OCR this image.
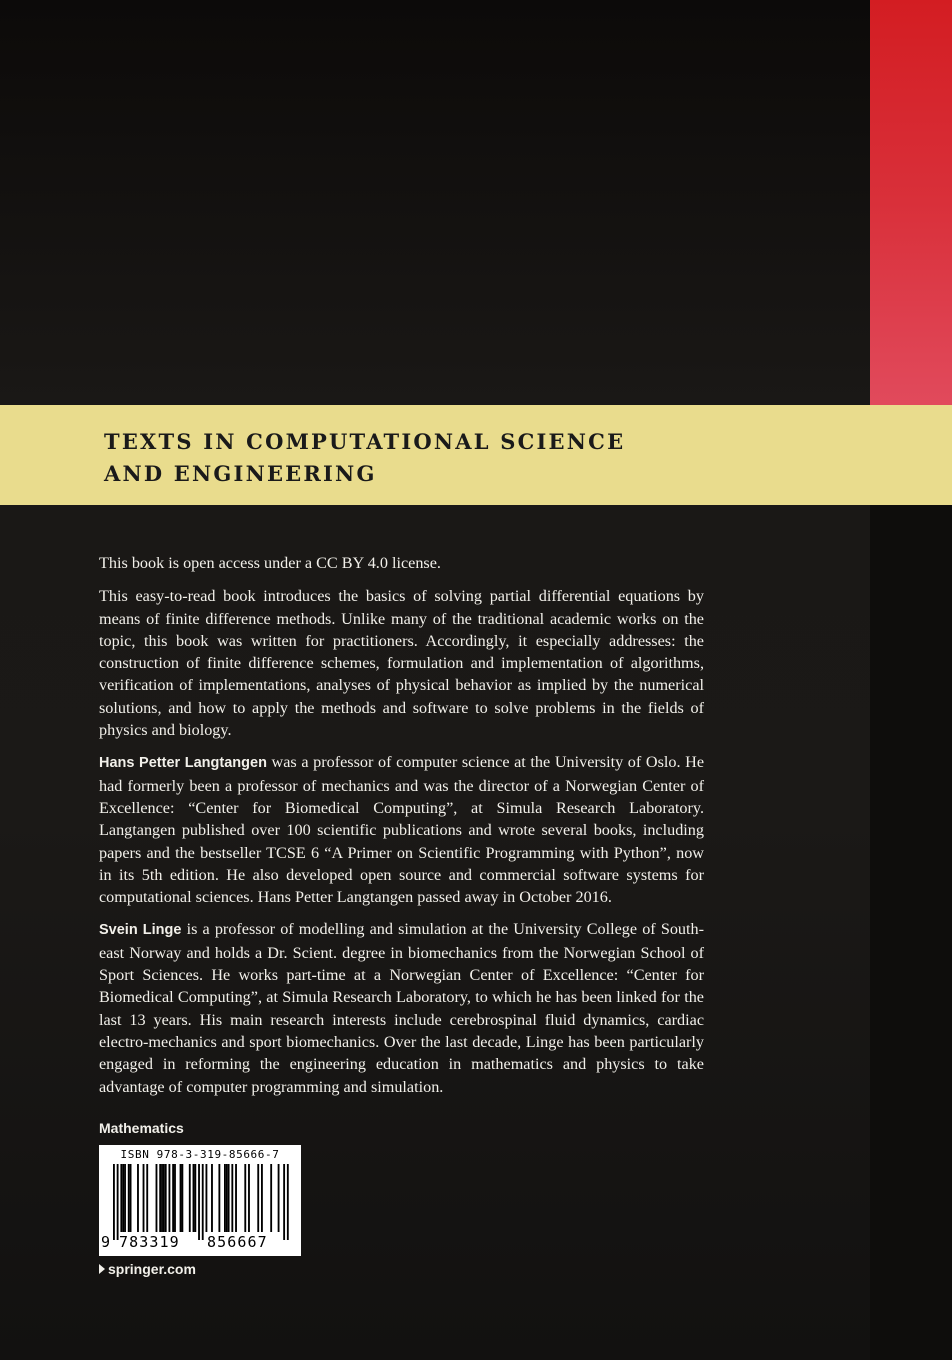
TEXTS IN COMPUTATIONAL SCIENCE
AND ENGINEERING

This book is open access under a CC BY 4.0 license.

This easy-to-read book introduces the basics of solving partial differential equations by means of finite difference methods. Unlike many of the traditional academic works on the topic, this book was written for practitioners. Accordingly, it especially addresses: the construction of finite difference schemes, formulation and implementation of algorithms, verification of implementations, analyses of physical behavior as implied by the numerical solutions, and how to apply the methods and software to solve problems in the fields of physics and biology.

Hans Petter Langtangen was a professor of computer science at the University of Oslo. He had formerly been a professor of mechanics and was the director of a Norwegian Center of Excellence: “Center for Biomedical Computing”, at Simula Research Laboratory. Langtangen published over 100 scientific publications and wrote several books, including papers and the bestseller TCSE 6 “A Primer on Scientific Programming with Python”, now in its 5th edition. He also developed open source and commercial software systems for computational sciences. Hans Petter Langtangen passed away in October 2016.

Svein Linge is a professor of modelling and simulation at the University College of Southeast Norway and holds a Dr. Scient. degree in biomechanics from the Norwegian School of Sport Sciences. He works part-time at a Norwegian Center of Excellence: “Center for Biomedical Computing”, at Simula Research Laboratory, to which he has been linked for the last 13 years. His main research interests include cerebrospinal fluid dynamics, cardiac electro-mechanics and sport biomechanics. Over the last decade, Linge has been particularly engaged in reforming the engineering education in mathematics and physics to take advantage of computer programming and simulation.

Mathematics
ISBN 978-3-319-85666-7
9 783319 856667
springer.com
